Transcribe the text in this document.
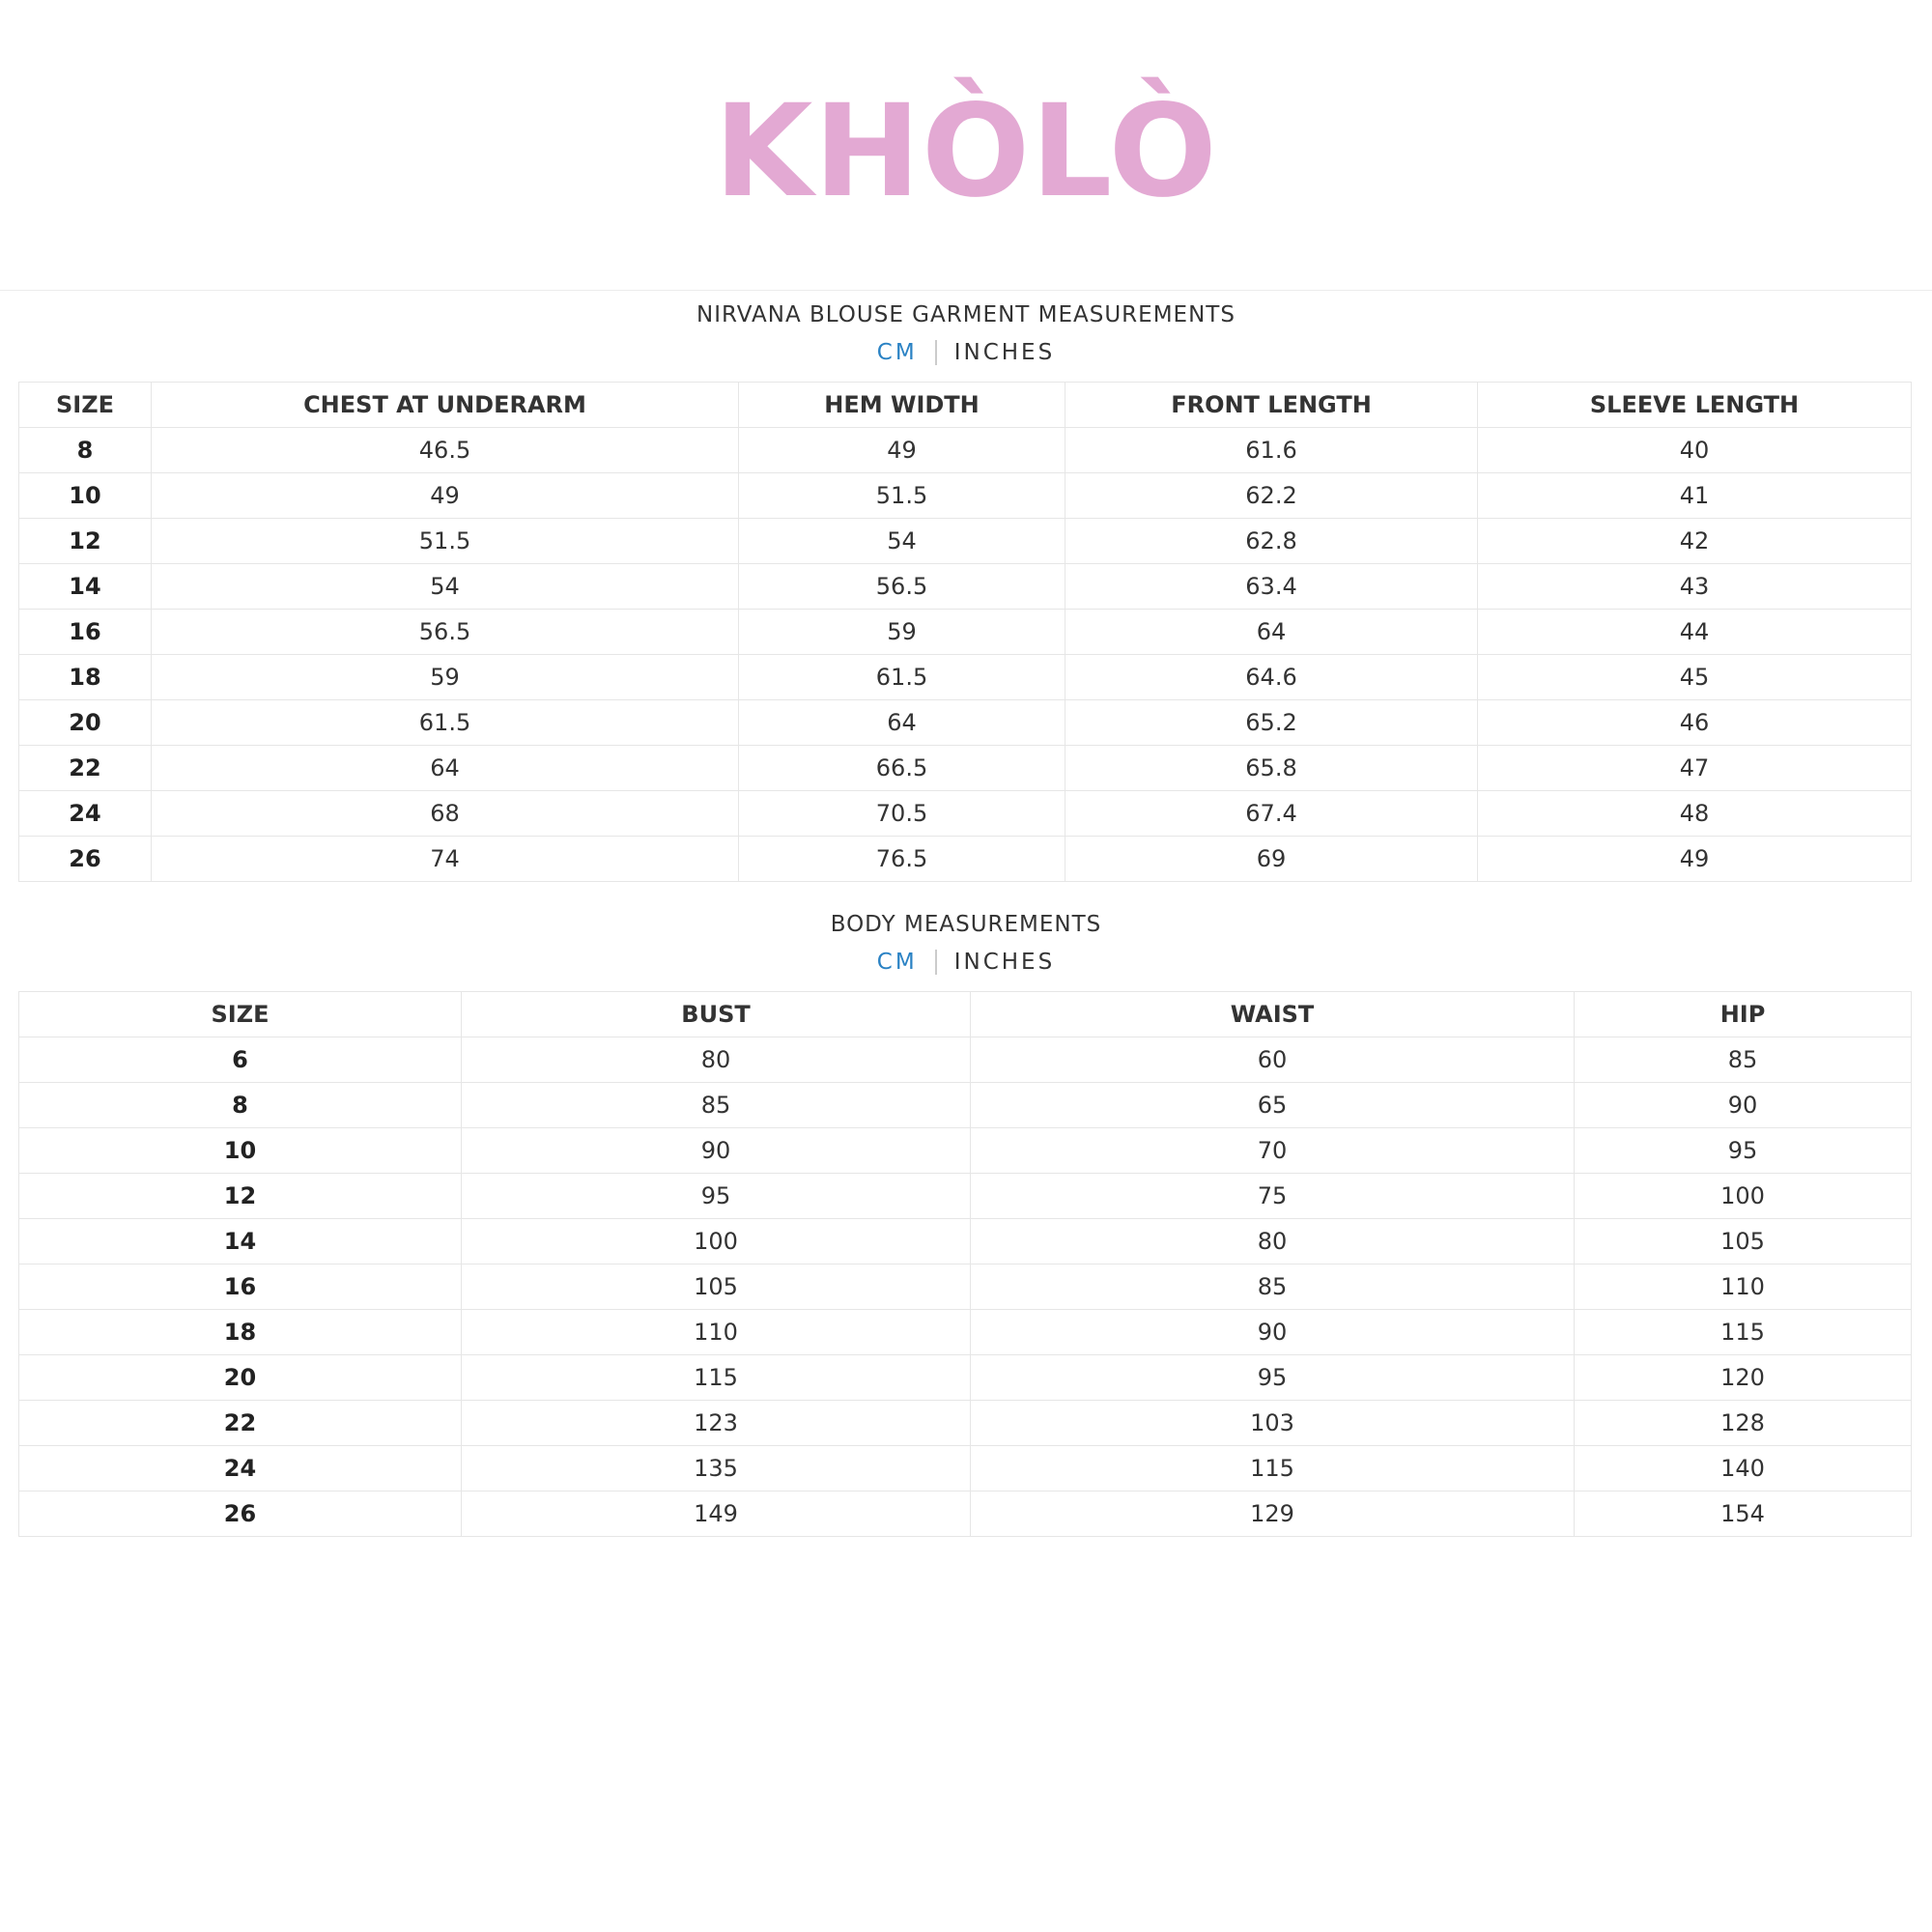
KHÒLÒ
NIRVANA BLOUSE GARMENT MEASUREMENTS
CM INCHES
SIZE	CHEST AT UNDERARM	HEM WIDTH	FRONT LENGTH	SLEEVE LENGTH
8	46.5	49	61.6	40
10	49	51.5	62.2	41
12	51.5	54	62.8	42
14	54	56.5	63.4	43
16	56.5	59	64	44
18	59	61.5	64.6	45
20	61.5	64	65.2	46
22	64	66.5	65.8	47
24	68	70.5	67.4	48
26	74	76.5	69	49
BODY MEASUREMENTS
CM INCHES
SIZE	BUST	WAIST	HIP
6	80	60	85
8	85	65	90
10	90	70	95
12	95	75	100
14	100	80	105
16	105	85	110
18	110	90	115
20	115	95	120
22	123	103	128
24	135	115	140
26	149	129	154
